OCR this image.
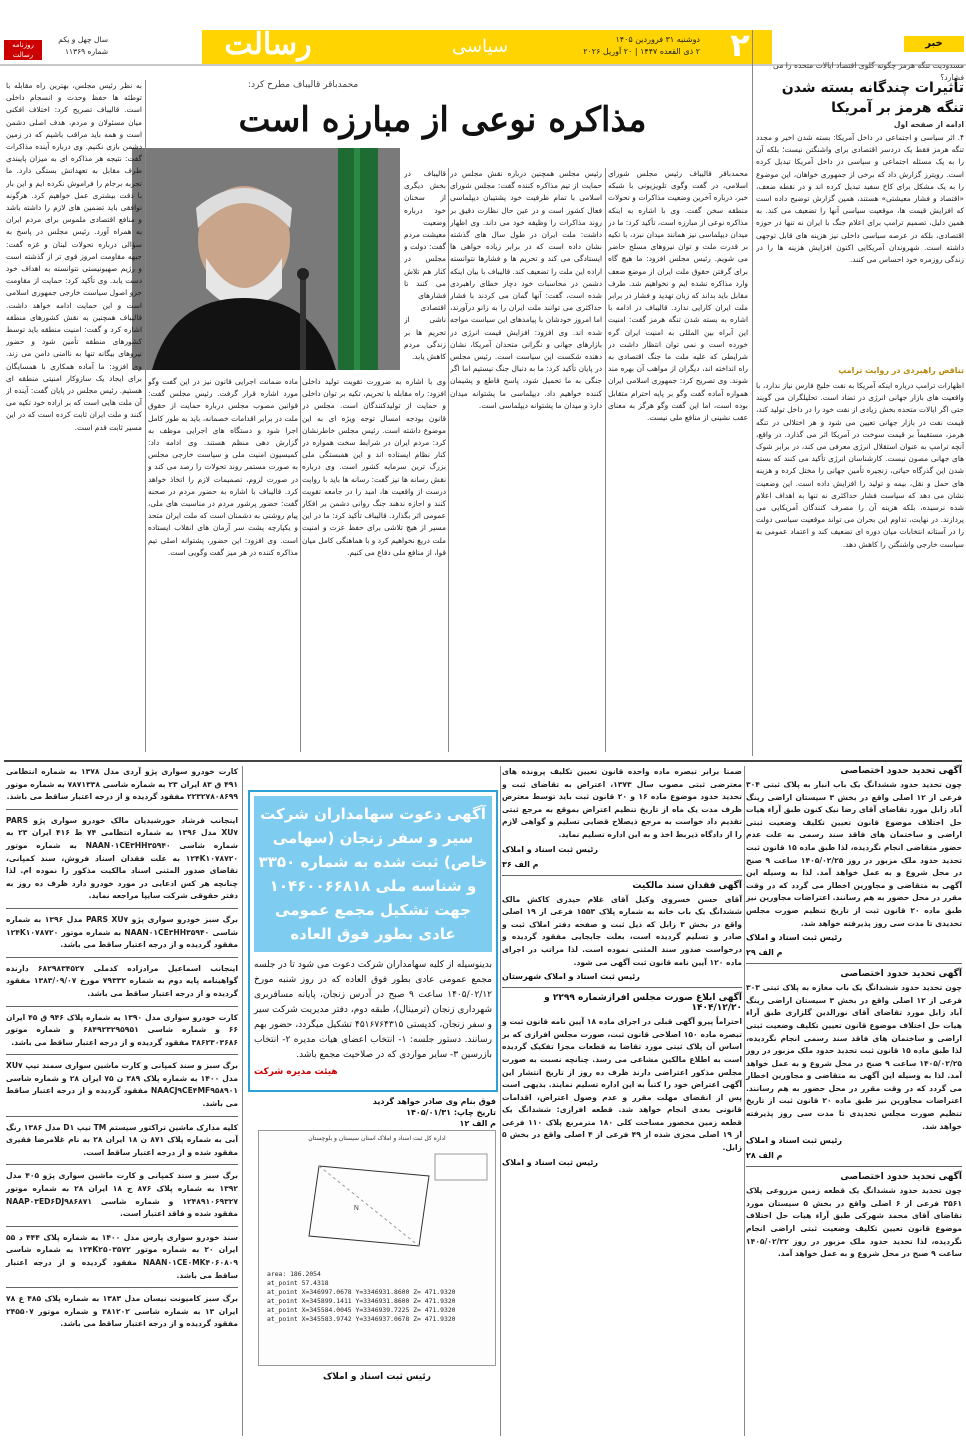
رسالت	سیاسی	دوشنبه ۳۱ فروردین ۱۴۰۵
۲ ذی القعده ۱۴۴۷ | ۲۰ آوریل ۲۰۲۶ ۲
سال چهل و یکم
شماره ۱۱۳۶۹
روزنامه رسالت
خبر
مسدودیت تنگه هرمز چگونه گلوی اقتصاد ایالات متحده را می فشارد؟
تأثیرات چندگانه بسته شدن تنگه هرمز بر آمریکا
ادامه از صفحه اول
۴. اثر سیاسی و اجتماعی در داخل آمریکا: بسته شدن اخیر و مجدد تنگه هرمز فقط یک دردسر اقتصادی برای واشنگتن نیست؛ بلکه آن را به یک مسئله اجتماعی و سیاسی در داخل آمریکا تبدیل کرده است. رویترز گزارش داد که برخی از جمهوری خواهان، این موضوع را به یک مشکل برای کاخ سفید تبدیل کرده اند و در نقطه ضعف، «اقتصاد و فشار معیشتی» هستند، همین گزارش توضیح داده است که افزایش قیمت ها، موقعیت سیاسی آنها را تضعیف می کند. به همین دلیل، تصمیم ترامپ برای اعلام جنگ با ایران نه تنها در حوزه اقتصادی، بلکه در عرصه سیاسی داخلی نیز هزینه های قابل توجهی داشته است. شهروندان آمریکایی اکنون افزایش هزینه ها را در زندگی روزمره خود احساس می کنند.
تناقض راهبردی در روایت ترامپ
اظهارات ترامپ درباره اینکه آمریکا به نفت خلیج فارس نیاز ندارد، با واقعیت های بازار جهانی انرژی در تضاد است. تحلیلگران می گویند حتی اگر ایالات متحده بخش زیادی از نفت خود را در داخل تولید کند، قیمت نفت در بازار جهانی تعیین می شود و هر اختلالی در تنگه هرمز، مستقیماً بر قیمت سوخت در آمریکا اثر می گذارد. در واقع، آنچه ترامپ به عنوان استقلال انرژی معرفی می کند، در برابر شوک های جهانی مصون نیست. کارشناسان انرژی تأکید می کنند که بسته شدن این گذرگاه حیاتی، زنجیره تأمین جهانی را مختل کرده و هزینه های حمل و نقل، بیمه و تولید را افزایش داده است. این وضعیت نشان می دهد که سیاست فشار حداکثری نه تنها به اهداف اعلام شده نرسیده، بلکه هزینه آن را مصرف کنندگان آمریکایی می پردازند. در نهایت، تداوم این بحران می تواند موقعیت سیاسی دولت را در آستانه انتخابات میان دوره ای تضعیف کند و اعتماد عمومی به سیاست خارجی واشنگتن را کاهش دهد.
محمدباقر قالیباف مطرح کرد:
مذاکره نوعی از مبارزه است
محمدباقر قالیباف رئیس مجلس شورای اسلامی، در گفت وگوی تلویزیونی با شبکه خبر، درباره آخرین وضعیت مذاکرات و تحولات منطقه سخن گفت. وی با اشاره به اینکه مذاکره نوعی از مبارزه است، تأکید کرد: ما در میدان دیپلماسی نیز همانند میدان نبرد، با تکیه بر قدرت ملت و توان نیروهای مسلح حاضر می شویم. رئیس مجلس افزود: ما هیچ گاه برای گرفتن حقوق ملت ایران از موضع ضعف وارد مذاکره نشده ایم و نخواهیم شد. طرف مقابل باید بداند که زبان تهدید و فشار در برابر ملت ایران کارایی ندارد. قالیباف در ادامه با اشاره به بسته شدن تنگه هرمز گفت: امنیت این آبراه بین المللی به امنیت ایران گره خورده است و نمی توان انتظار داشت در شرایطی که علیه ملت ما جنگ اقتصادی به راه انداخته اند، دیگران از مواهب آن بهره مند شوند. وی تصریح کرد: جمهوری اسلامی ایران همواره آماده گفت وگو بر پایه احترام متقابل بوده است، اما این گفت وگو هرگز به معنای عقب نشینی از منافع ملی نیست.
رئیس مجلس همچنین درباره نقش مجلس در حمایت از تیم مذاکره کننده گفت: مجلس شورای اسلامی با تمام ظرفیت خود پشتیبان دیپلماسی فعال کشور است و در عین حال نظارت دقیق بر روند مذاکرات را وظیفه خود می داند. وی اظهار داشت: ملت ایران در طول سال های گذشته نشان داده است که در برابر زیاده خواهی ها ایستادگی می کند و تحریم ها و فشارها نتوانسته اراده این ملت را تضعیف کند. قالیباف با بیان اینکه دشمن در محاسبات خود دچار خطای راهبردی شده است، گفت: آنها گمان می کردند با فشار حداکثری می توانند ملت ایران را به زانو درآورند، اما امروز خودشان با پیامدهای این سیاست مواجه شده اند. وی افزود: افزایش قیمت انرژی در بازارهای جهانی و نگرانی متحدان آمریکا، نشان دهنده شکست این سیاست است. رئیس مجلس در پایان تأکید کرد: ما به دنبال جنگ نیستیم اما اگر جنگی به ما تحمیل شود، پاسخ قاطع و پشیمان کننده خواهیم داد. دیپلماسی ما پشتوانه میدان دارد و میدان ما پشتوانه دیپلماسی است.
قالیباف در بخش دیگری از سخنان خود درباره وضعیت معیشت مردم گفت: دولت و مجلس در کنار هم تلاش می کنند تا فشارهای اقتصادی ناشی از تحریم ها بر زندگی مردم کاهش یابد.
وی با اشاره به ضرورت تقویت تولید داخلی افزود: راه مقابله با تحریم، تکیه بر توان داخلی و حمایت از تولیدکنندگان است. مجلس در قانون بودجه امسال توجه ویژه ای به این موضوع داشته است. رئیس مجلس خاطرنشان کرد: مردم ایران در شرایط سخت همواره در کنار نظام ایستاده اند و این همبستگی ملی بزرگ ترین سرمایه کشور است. وی درباره نقش رسانه ها نیز گفت: رسانه ها باید با روایت درست از واقعیت ها، امید را در جامعه تقویت کنند و اجازه ندهند جنگ روانی دشمن بر افکار عمومی اثر بگذارد. قالیباف تأکید کرد: ما در این مسیر از هیچ تلاشی برای حفظ عزت و امنیت ملت دریغ نخواهیم کرد و با هماهنگی کامل میان قوا، از منافع ملی دفاع می کنیم.
ماده ضمانت اجرایی قانون نیز در این گفت وگو مورد اشاره قرار گرفت. رئیس مجلس گفت: قوانین مصوب مجلس درباره حمایت از حقوق ملت در برابر اقدامات خصمانه، باید به طور کامل اجرا شود و دستگاه های اجرایی موظف به گزارش دهی منظم هستند. وی ادامه داد: کمیسیون امنیت ملی و سیاست خارجی مجلس به صورت مستمر روند تحولات را رصد می کند و در صورت لزوم، تصمیمات لازم را اتخاذ خواهد کرد. قالیباف با اشاره به حضور مردم در صحنه گفت: حضور پرشور مردم در مناسبت های ملی، پیام روشنی به دشمنان است که ملت ایران متحد و یکپارچه پشت سر آرمان های انقلاب ایستاده است. وی افزود: این حضور، پشتوانه اصلی تیم مذاکره کننده در هر میز گفت وگویی است.
به نظر رئیس مجلس، بهترین راه مقابله با توطئه ها حفظ وحدت و انسجام داخلی است. قالیباف تصریح کرد: اختلاف افکنی میان مسئولان و مردم، هدف اصلی دشمن است و همه باید مراقب باشیم که در زمین دشمن بازی نکنیم. وی درباره آینده مذاکرات گفت: نتیجه هر مذاکره ای به میزان پایبندی طرف مقابل به تعهداتش بستگی دارد. ما تجربه برجام را فراموش نکرده ایم و این بار با دقت بیشتری عمل خواهیم کرد. هرگونه توافقی باید تضمین های لازم را داشته باشد و منافع اقتصادی ملموس برای مردم ایران به همراه آورد. رئیس مجلس در پاسخ به سؤالی درباره تحولات لبنان و غزه گفت: جبهه مقاومت امروز قوی تر از گذشته است و رژیم صهیونیستی نتوانسته به اهداف خود دست یابد. وی تأکید کرد: حمایت از مقاومت جزو اصول سیاست خارجی جمهوری اسلامی است و این حمایت ادامه خواهد داشت. قالیباف همچنین به نقش کشورهای منطقه اشاره کرد و گفت: امنیت منطقه باید توسط کشورهای منطقه تأمین شود و حضور نیروهای بیگانه تنها به ناامنی دامن می زند. وی افزود: ما آماده همکاری با همسایگان برای ایجاد یک سازوکار امنیتی منطقه ای هستیم. رئیس مجلس در پایان گفت: آینده از آن ملت هایی است که بر اراده خود تکیه می کنند و ملت ایران ثابت کرده است که در این مسیر ثابت قدم است.
کارت خودرو سواری پژو آردی مدل ۱۳۷۸ به شماره انتظامی ۴۹۱ ق ۸۳ ایران ۲۳ به شماره شاسی ۷۸۷۱۳۳۸ به شماره موتور ۲۲۳۲۷۸۰۸۶۹۹ مفقود گردیده و از درجه اعتبار ساقط می باشد.
اینجانب فرشاد خورشیدیان مالک خودرو سواری پژو PARS XU۷ مدل ۱۳۹۶ به شماره انتظامی ۷۴ ط ۴۱۶ ایران ۲۳ به شماره شاسی NAAN۰۱CE۳HH۳۵۹۴۰ به شماره موتور ۱۲۴K۱۰۷۸۷۲۰ به علت فقدان اسناد فروش، سند کمپانی، تقاضای صدور المثنی اسناد مالکیت مذکور را نموده ام. لذا چنانچه هر کس ادعایی در مورد خودرو دارد ظرف ده روز به دفتر حقوقی شرکت سایپا مراجعه نماید.
برگ سبز خودرو سواری پژو PARS XU۷ مدل ۱۳۹۶ به شماره شاسی NAAN۰۱CE۳HH۳۵۹۴۰ به شماره موتور ۱۲۴K۱۰۷۸۷۲۰ مفقود گردیده و از درجه اعتبار ساقط می باشد.
اینجانب اسماعیل مرادزاده کدملی ۶۸۲۹۸۳۴۵۲۷ دارنده گواهینامه پایه دوم به شماره ۷۹۳۳۲ مورخ ۱۳۸۳/۰۹/۰۷ مفقود گردیده و از درجه اعتبار ساقط می باشد.
کارت خودرو سواری مدل ۱۳۹۰ به شماره پلاک ۹۴۶ ق ۴۵ ایران ۶۶ و شماره شاسی ۶۸۴۹۲۳۲۹۵۹۵۱ و شماره موتور ۳۸۶۲۳۰۳۶۸۶ مفقود گردیده و از درجه اعتبار ساقط می باشد.
برگ سبز و سند کمپانی و کارت ماشین سواری سمند تیپ XU۷ مدل ۱۴۰۰ به شماره پلاک ۳۸۹ ن ۷۵ ایران ۲۸ و شماره شاسی NAACJ۹CE۴MF۹۵۸۹۰۱ مفقود گردیده و از درجه اعتبار ساقط می باشد.
کلیه مدارک ماشین تراکتور سیستم TM تیپ D۱ مدل ۱۳۸۶ رنگ آبی به شماره پلاک ۸۷۱ ن ۱۸ ایران ۲۸ به نام غلامرضا فقیری مفقود شده و از درجه اعتبار ساقط است.
برگ سبز و سند کمپانی و کارت ماشین سواری پژو ۴۰۵ مدل ۱۳۹۲ به شماره پلاک ۸۷۶ ج ۱۸ ایران ۲۸ به شماره موتور ۱۲۴۸۹۱۰۶۹۳۲۷ و شماره شاسی NAAP۰۳ED۶DJ۹۸۶۸۷۱ مفقود شده و فاقد اعتبار است.
سند خودرو سواری پارس مدل ۱۴۰۰ به شماره پلاک ۴۴۴ د ۵۵ ایران ۲۰ به شماره موتور ۱۲۴K۲۵۰۳۵۷۲ به شماره شاسی NAAN۰۱CE۰MK۴۰۶۰۸۰۹ مفقود گردیده و از درجه اعتبار ساقط می باشد.
برگ سبز کامیونت نیسان مدل ۱۳۸۳ به شماره پلاک ۴۸۵ ع ۷۸ ایران ۱۳ به شماره شاسی ۳۸۱۲۰۲ و شماره موتور ۲۴۵۵۰۷ مفقود گردیده و از درجه اعتبار ساقط می باشد.
آگهی دعوت سهامداران شرکت سیر و سفر زنجان (سهامی خاص) ثبت شده به شماره ۳۳۵۰ و شناسه ملی ۱۰۴۶۰۰۶۶۸۱۸ جهت تشکیل مجمع عمومی عادی بطور فوق العاده
بدینوسیله از کلیه سهامداران شرکت دعوت می شود تا در جلسه مجمع عمومی عادی بطور فوق العاده که در روز شنبه مورخ ۱۴۰۵/۰۲/۱۲ ساعت ۹ صبح در آدرس زنجان، پایانه مسافربری شهرداری زنجان (ترمینال)، طبقه دوم، دفتر مدیریت شرکت سیر و سفر زنجان، کدپستی ۴۵۱۶۷۶۴۳۱۵ تشکیل میگردد، حضور بهم رسانند. دستور جلسه: ۱- انتخاب اعضای هیات مدیره ۲- انتخاب بازرسین ۳- سایر مواردی که در صلاحیت مجمع باشد.
هیئت مدیره شرکت
فوق بنام وی صادر خواهد گردید
تاریخ چاپ: ۱۴۰۵/۰۱/۳۱
م الف ۱۲
اداره کل ثبت اسناد و املاک استان سیستان و بلوچستان
N
area: 186.2054
at_point 57.4318
at_point X=346997.0678 Y=3346931.8600 Z= 471.9320
at_point X=345899.1411 Y=3346931.8600 Z= 471.9320
at_point X=345584.0045 Y=3346939.7225 Z= 471.9320
at_point X=345583.9742 Y=3346937.0678 Z= 471.9320
رئیس ثبت اسناد و املاک
ضمنا برابر تبصره ماده واحده قانون تعیین تکلیف پرونده های معترضی ثبتی مصوب سال ۱۳۷۳، اعتراض به تقاضای ثبت و تحدید حدود موضوع ماده ۱۶ و ۲۰ قانون ثبت باید توسط معترض ظرف مدت یک ماه از تاریخ تنظیم اعتراض بموقع به مرجع ثبتی تقدیم داد خواست به مرجع ذیصلاح قضایی تسلیم و گواهی لازم را از دادگاه ذیربط اخذ و به این اداره تسلیم نماید.
رئیس ثبت اسناد و املاک
م الف ۳۶
آگهی فقدان سند مالکیت
آقای حسن خسروی وکیل آقای غلام حیدری کاکش مالک ششدانگ یک باب خانه به شماره پلاک ۱۵۵۳ فرعی از ۱۹ اصلی واقع در بخش ۳ زابل که ذیل ثبت و صفحه دفتر املاک ثبت و صادر و تسلیم گردیده است، بعلت جابجایی مفقود گردیده و درخواست صدور سند المثنی نموده است. لذا مراتب در اجرای ماده ۱۲۰ آیین نامه قانون ثبت آگهی می شود.
رئیس ثبت اسناد و املاک شهرستان
آگهی ابلاغ صورت مجلس افرازشماره ۲۲۹۹ و ۱۴۰۴/۱۲/۲۰
احتراماً پیرو آگهی قبلی در اجرای ماده ۱۸ آیین نامه قانون ثبت و تبصره ماده ۱۵۰ اصلاحی قانون ثبت، صورت مجلس افرازی که بر اساس آن پلاک ثبتی مورد تقاضا به قطعات مجزا تفکیک گردیده است به اطلاع مالکین مشاعی می رسد. چنانچه نسبت به صورت مجلس مذکور اعتراضی دارند ظرف ده روز از تاریخ انتشار این آگهی اعتراض خود را کتباً به این اداره تسلیم نمایند. بدیهی است پس از انقضای مهلت مقرر و عدم وصول اعتراض، اقدامات قانونی بعدی انجام خواهد شد. قطعه افرازی: ششدانگ یک قطعه زمین محصور مساحت کلی ۱۸۰ مترمربع پلاک ۱۱۰ فرعی از ۱۹ اصلی مجزی شده از ۴۹ فرعی از ۴ اصلی واقع در بخش ۵ زابل.
رئیس ثبت اسناد و املاک
آگهی تحدید حدود اختصاصی
چون تحدید حدود ششدانگ یک باب انبار به پلاک ثبتی ۳۰۴ فرعی از ۱۲ اصلی واقع در بخش ۳ سیستان اراضی رینگ آباد زابل مورد تقاضای آقای رضا نیک کنون طبق آراء هیات حل اختلاف موضوع قانون تعیین تکلیف وضعیت ثبتی اراضی و ساختمان های فاقد سند رسمی به علت عدم حضور متقاضی انجام نگردیده، لذا طبق ماده ۱۵ قانون ثبت تحدید حدود ملک مزبور در روز ۱۴۰۵/۰۲/۲۵ ساعت ۹ صبح در محل شروع و به عمل خواهد آمد. لذا به وسیله این آگهی به متقاضی و مجاورین اخطار می گردد که در وقت مقرر در محل حضور به هم رسانند. اعتراضات مجاورین نیز طبق ماده ۲۰ قانون ثبت از تاریخ تنظیم صورت مجلس تحدیدی تا مدت سی روز پذیرفته خواهد شد.
رئیس ثبت اسناد و املاک
م الف ۲۹
آگهی تحدید حدود اختصاصی
چون تحدید حدود ششدانگ یک باب مغازه به پلاک ثبتی ۳۰۳ فرعی از ۱۲ اصلی واقع در بخش ۳ سیستان اراضی رینگ آباد زابل مورد تقاضای آقای نورالدین گلزاری طبق آراء هیات حل اختلاف موضوع قانون تعیین تکلیف وضعیت ثبتی اراضی و ساختمان های فاقد سند رسمی انجام نگردیده، لذا طبق ماده ۱۵ قانون ثبت تحدید حدود ملک مزبور در روز ۱۴۰۵/۰۲/۲۵ ساعت ۹ صبح در محل شروع و به عمل خواهد آمد. لذا به وسیله این آگهی به متقاضی و مجاورین اخطار می گردد که در وقت مقرر در محل حضور به هم رسانند. اعتراضات مجاورین نیز طبق ماده ۲۰ قانون ثبت از تاریخ تنظیم صورت مجلس تحدیدی تا مدت سی روز پذیرفته خواهد شد.
رئیس ثبت اسناد و املاک
م الف ۲۸
آگهی تحدید حدود اختصاصی
چون تحدید حدود ششدانگ یک قطعه زمین مزروعی پلاک ۳۵۶۱ فرعی از ۶ اصلی واقع در بخش ۵ سیستان مورد تقاضای آقای محمد شهرکی طبق آراء هیات حل اختلاف موضوع قانون تعیین تکلیف وضعیت ثبتی اراضی انجام نگردیده، لذا تحدید حدود ملک مزبور در روز ۱۴۰۵/۰۲/۲۲ ساعت ۹ صبح در محل شروع و به عمل خواهد آمد.
